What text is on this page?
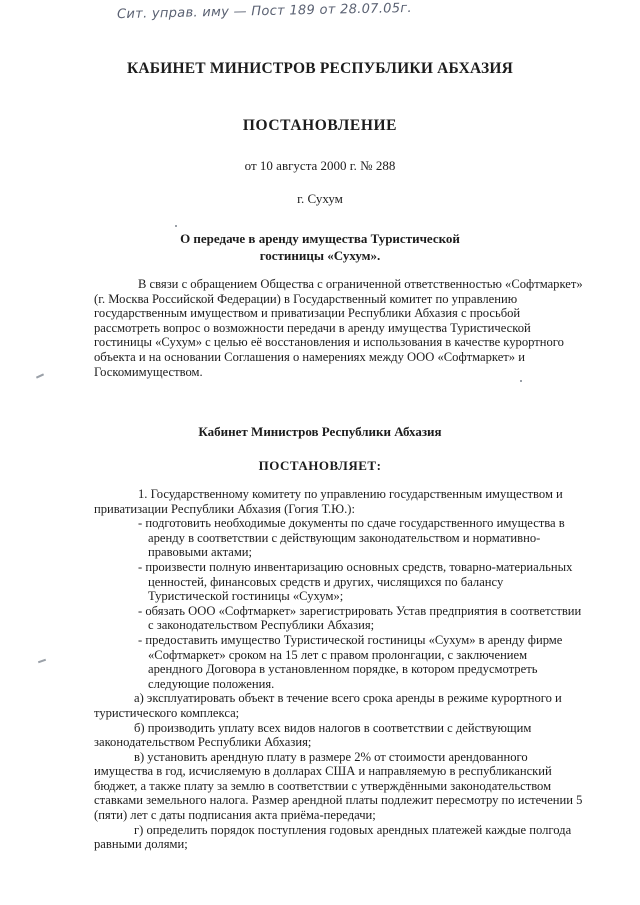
Сит. управ. иму — Пост 189 от 28.07.05г.
КАБИНЕТ МИНИСТРОВ РЕСПУБЛИКИ АБХАЗИЯ
ПОСТАНОВЛЕНИЕ
от 10 августа 2000 г. № 288
г. Сухум
О передаче в аренду имущества Туристической
гостиницы «Сухум».
В связи с обращением Общества с ограниченной ответственностью «Софтмаркет»
(г. Москва Российской Федерации) в Государственный комитет по управлению
государственным имуществом и приватизации Республики Абхазия с просьбой
рассмотреть вопрос о возможности передачи в аренду имущества Туристической
гостиницы «Сухум» с целью её восстановления и использования в качестве курортного
объекта и на основании Соглашения о намерениях между ООО «Софтмаркет» и
Госкомимуществом.
Кабинет Министров Республики Абхазия
ПОСТАНОВЛЯЕТ:
1. Государственному комитету по управлению государственным имуществом и
приватизации Республики Абхазия (Гогия Т.Ю.):
- подготовить необходимые документы по сдаче государственного имущества в
аренду в соответствии с действующим законодательством и нормативно-
правовыми актами;
- произвести полную инвентаризацию основных средств, товарно-материальных
ценностей, финансовых средств и других, числящихся по балансу
Туристической гостиницы «Сухум»;
- обязать ООО «Софтмаркет» зарегистрировать Устав предприятия в соответствии
с законодательством Республики Абхазия;
- предоставить имущество Туристической гостиницы «Сухум» в аренду фирме
«Софтмаркет» сроком на 15 лет с правом пролонгации, с заключением
арендного Договора в установленном порядке, в котором предусмотреть
следующие положения.
а) эксплуатировать объект в течение всего срока аренды в режиме курортного и
туристического комплекса;
б) производить уплату всех видов налогов в соответствии с действующим
законодательством Республики Абхазия;
в) установить арендную плату в размере 2% от стоимости арендованного
имущества в год, исчисляемую в долларах США и направляемую в республиканский
бюджет, а также плату за землю в соответствии с утверждёнными законодательством
ставками земельного налога. Размер арендной платы подлежит пересмотру по истечении 5
(пяти) лет с даты подписания акта приёма-передачи;
г) определить порядок поступления годовых арендных платежей каждые полгода
равными долями;
